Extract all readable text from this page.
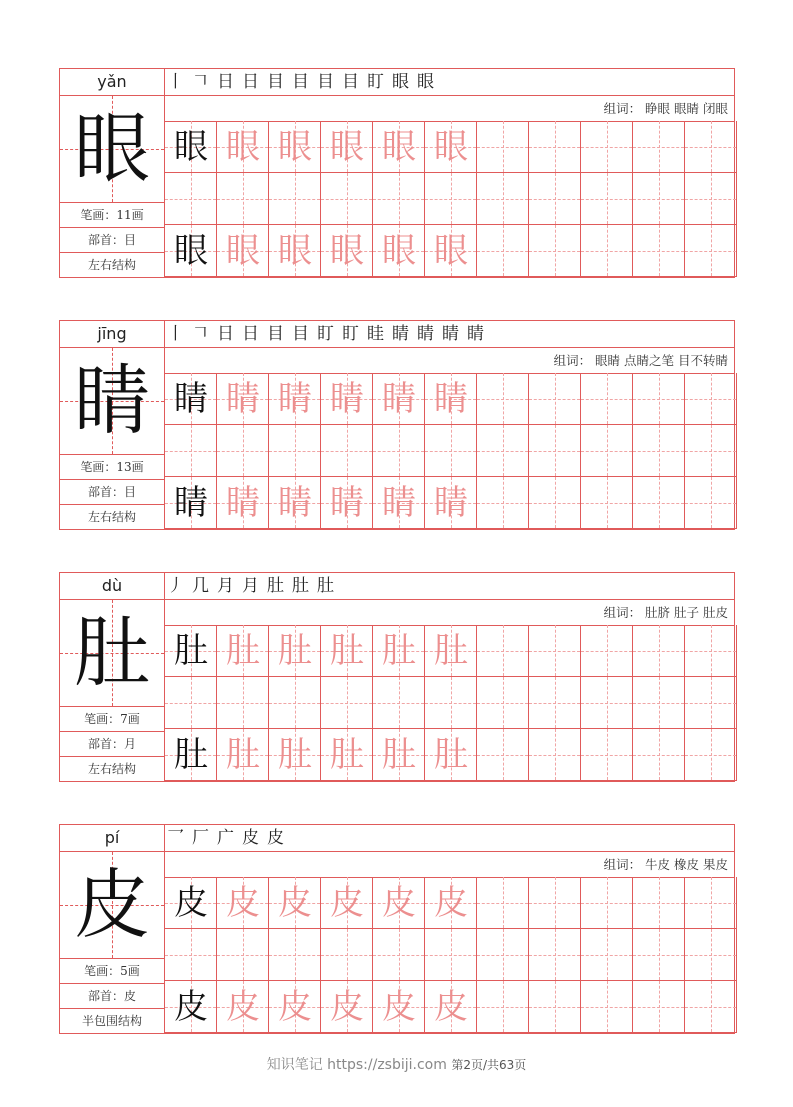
yǎn
眼
笔画：11画
部首：目
左右结构
丨 𠃍 日 日 目 目 目 目 盯 眼 眼
组词： 睁眼 眼睛 闭眼
眼 眼 眼 眼 眼 眼
眼 眼 眼 眼 眼 眼
jīng
睛
笔画：13画
部首：目
左右结构
丨 𠃍 日 日 目 目 盯 盯 眭 睛 睛 睛 睛
组词： 眼睛 点睛之笔 目不转睛
睛 睛 睛 睛 睛 睛
睛 睛 睛 睛 睛 睛
dù
肚
笔画：7画
部首：月
左右结构
丿 几 月 月 肚 肚 肚
组词： 肚脐 肚子 肚皮
肚 肚 肚 肚 肚 肚
肚 肚 肚 肚 肚 肚
pí
皮
笔画：5画
部首：皮
半包围结构
乛 厂 广 皮 皮
组词： 牛皮 橡皮 果皮
皮 皮 皮 皮 皮 皮
皮 皮 皮 皮 皮 皮
知识笔记 https://zsbiji.com 第2页/共63页
